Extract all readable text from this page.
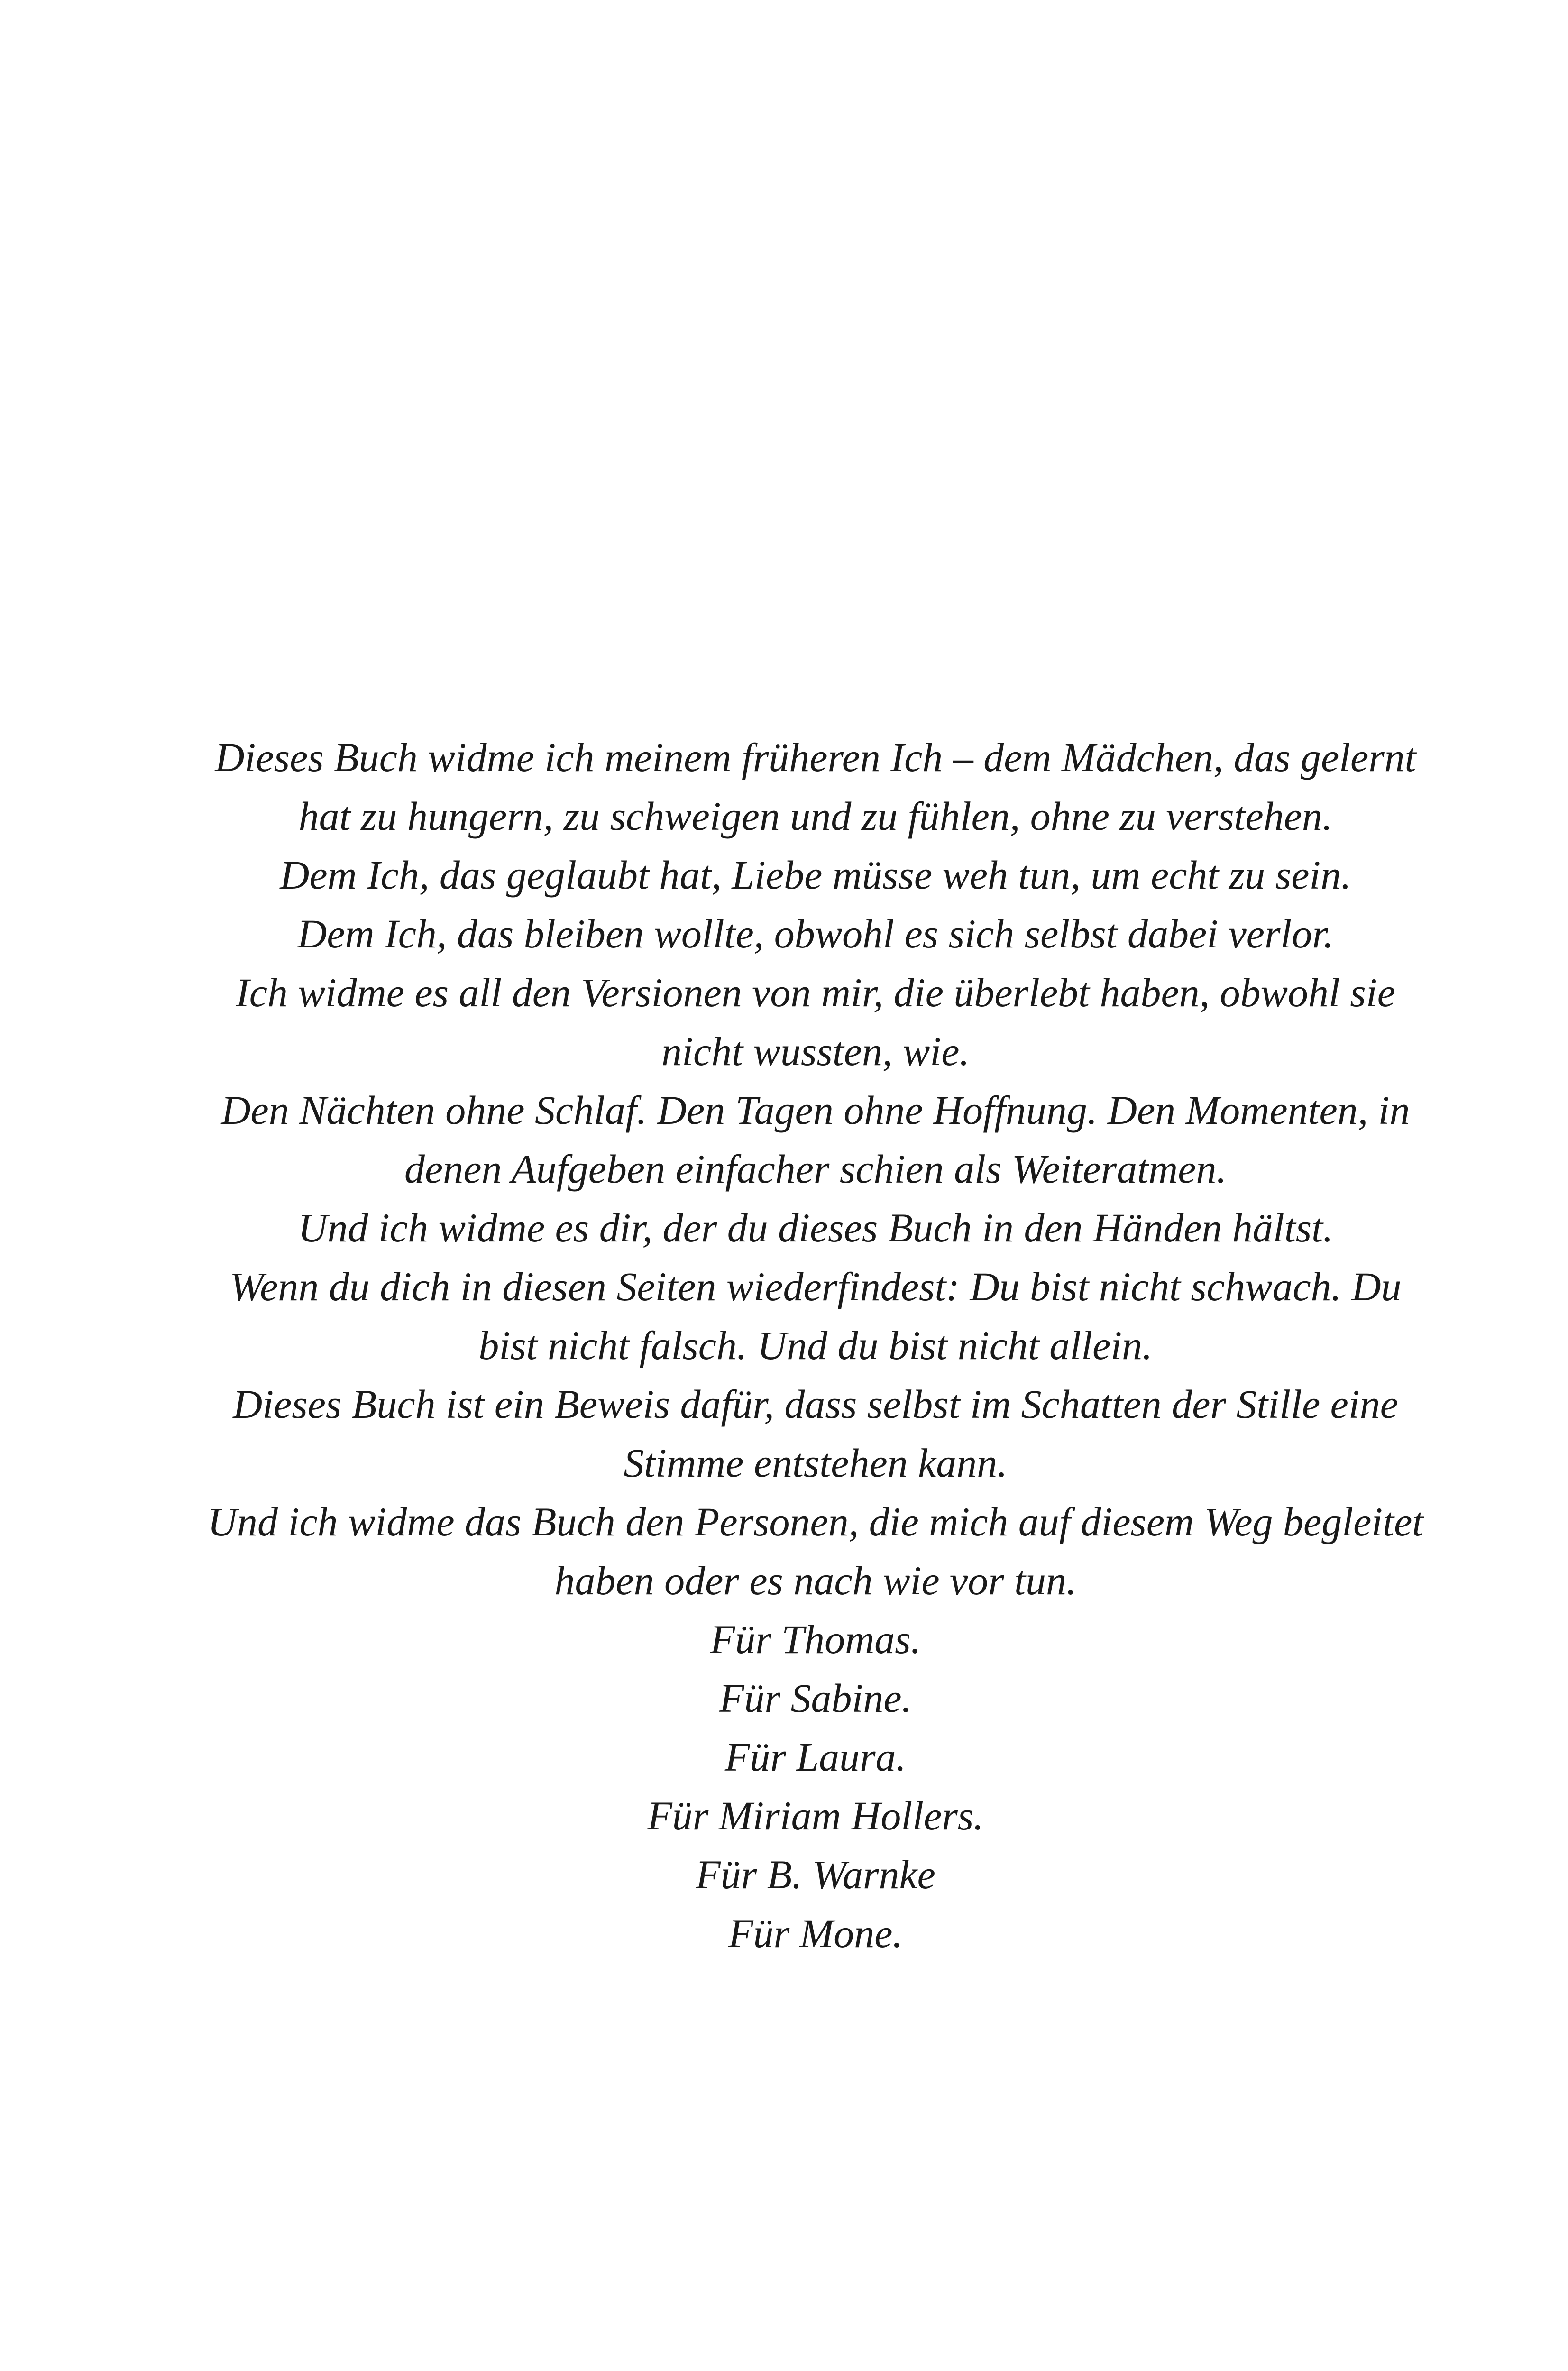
Dieses Buch widme ich meinem früheren Ich – dem Mädchen, das gelernt hat zu hungern, zu schweigen und zu fühlen, ohne zu verstehen.

Dem Ich, das geglaubt hat, Liebe müsse weh tun, um echt zu sein.

Dem Ich, das bleiben wollte, obwohl es sich selbst dabei verlor.

Ich widme es all den Versionen von mir, die überlebt haben, obwohl sie nicht wussten, wie.

Den Nächten ohne Schlaf. Den Tagen ohne Hoffnung. Den Momenten, in denen Aufgeben einfacher schien als Weiteratmen.

Und ich widme es dir, der du dieses Buch in den Händen hältst.

Wenn du dich in diesen Seiten wiederfindest: Du bist nicht schwach. Du bist nicht falsch. Und du bist nicht allein.

Dieses Buch ist ein Beweis dafür, dass selbst im Schatten der Stille eine Stimme entstehen kann.

Und ich widme das Buch den Personen, die mich auf diesem Weg begleitet haben oder es nach wie vor tun.

Für Thomas.

Für Sabine.

Für Laura.

Für Miriam Hollers.

Für B. Warnke

Für Mone.
